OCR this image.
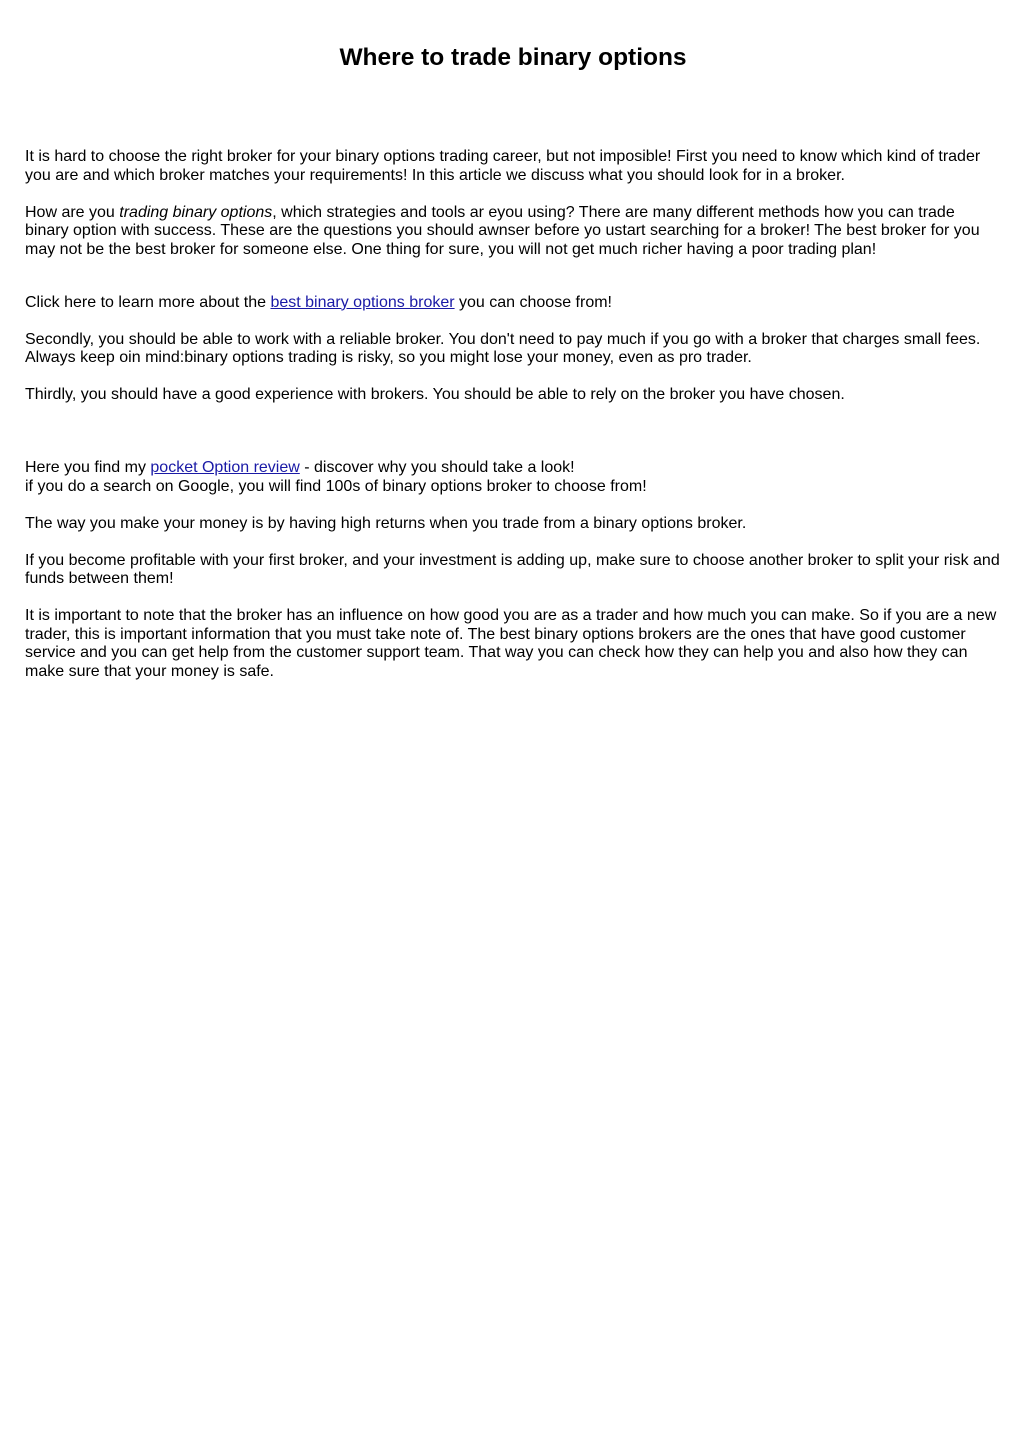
Where to trade binary options

It is hard to choose the right broker for your binary options trading career, but not imposible! First you need to know which kind of trader you are and which broker matches your requirements! In this article we discuss what you should look for in a broker.

How are you trading binary options, which strategies and tools ar eyou using? There are many different methods how you can trade binary option with success. These are the questions you should awnser before yo ustart searching for a broker! The best broker for you may not be the best broker for someone else. One thing for sure, you will not get much richer having a poor trading plan!

Click here to learn more about the best binary options broker you can choose from!

Secondly, you should be able to work with a reliable broker. You don't need to pay much if you go with a broker that charges small fees. Always keep oin mind:binary options trading is risky, so you might lose your money, even as pro trader.

Thirdly, you should have a good experience with brokers. You should be able to rely on the broker you have chosen.

Here you find my pocket Option review - discover why you should take a look!
if you do a search on Google, you will find 100s of binary options broker to choose from!

The way you make your money is by having high returns when you trade from a binary options broker.

If you become profitable with your first broker, and your investment is adding up, make sure to choose another broker to split your risk and funds between them!

It is important to note that the broker has an influence on how good you are as a trader and how much you can make. So if you are a new trader, this is important information that you must take note of. The best binary options brokers are the ones that have good customer service and you can get help from the customer support team. That way you can check how they can help you and also how they can make sure that your money is safe.
